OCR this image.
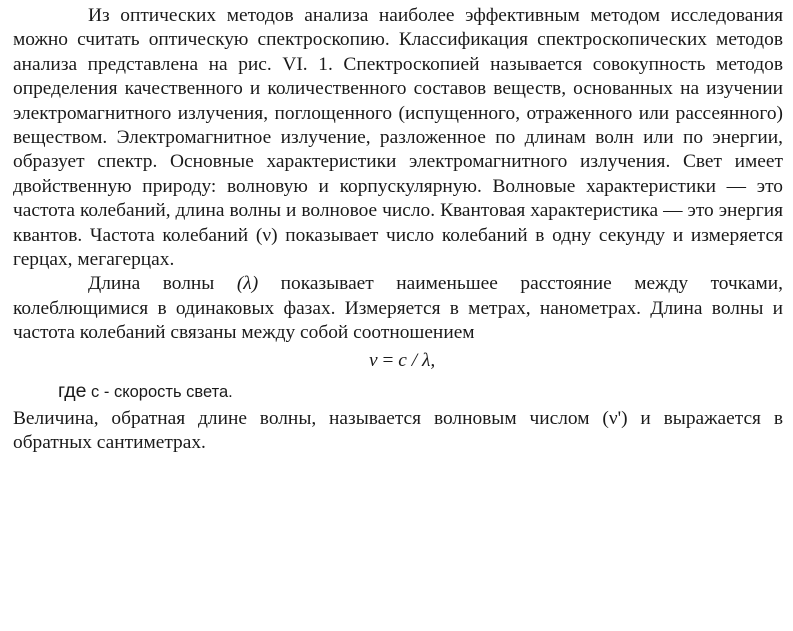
Из оптических методов анализа наиболее эффективным методом исследования можно считать оптическую спектроскопию. Классификация спектроскопических методов анализа представлена на рис. VI. 1. Спектроскопией называется совокупность методов определения качественного и количественного составов веществ, основанных на изучении электромагнитного излучения, поглощенного (испущенного, отраженного или рассеянного) веществом. Электромагнитное излучение, разложенное по длинам волн или по энергии, образует спектр. Основные характеристики электромагнитного излучения. Свет имеет двойственную природу: волновую и корпускулярную. Волновые характеристики — это частота колебаний, длина волны и волновое число. Квантовая характеристика — это энергия квантов. Частота колебаний (ν) показывает число колебаний в одну секунду и измеряется герцах, мегагерцах.

Длина волны (λ) показывает наименьшее расстояние между точками, колеблющимися в одинаковых фазах. Измеряется в метрах, нанометрах. Длина волны и частота колебаний связаны между собой соотношением

ν = c / λ,

где с - скорость света.

Величина, обратная длине волны, называется волновым числом (ν') и выражается в обратных сантиметрах.
